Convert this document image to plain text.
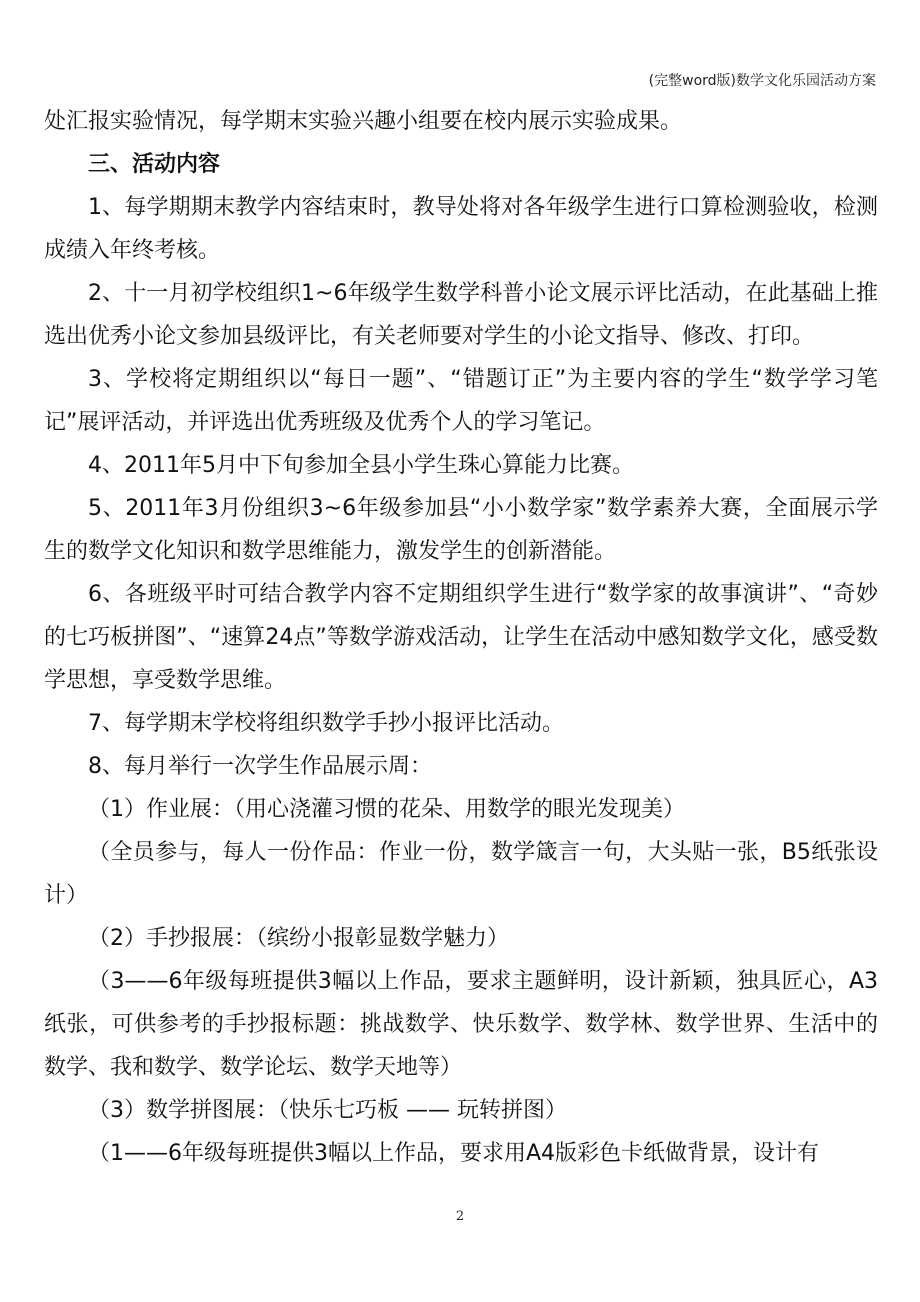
(完整word版)数学文化乐园活动方案

处汇报实验情况，每学期末实验兴趣小组要在校内展示实验成果。

三、活动内容

1、每学期期末教学内容结束时，教导处将对各年级学生进行口算检测验收，检测成绩入年终考核。

2、十一月初学校组织1~6年级学生数学科普小论文展示评比活动，在此基础上推选出优秀小论文参加县级评比，有关老师要对学生的小论文指导、修改、打印。

3、学校将定期组织以“每日一题”、“错题订正”为主要内容的学生“数学学习笔记”展评活动，并评选出优秀班级及优秀个人的学习笔记。

4、2011年5月中下旬参加全县小学生珠心算能力比赛。

5、2011年3月份组织3~6年级参加县“小小数学家”数学素养大赛，全面展示学生的数学文化知识和数学思维能力，激发学生的创新潜能。

6、各班级平时可结合教学内容不定期组织学生进行“数学家的故事演讲”、“奇妙的七巧板拼图”、“速算24点”等数学游戏活动，让学生在活动中感知数学文化，感受数学思想，享受数学思维。

7、每学期末学校将组织数学手抄小报评比活动。

8、每月举行一次学生作品展示周：

（1）作业展：（用心浇灌习惯的花朵、用数学的眼光发现美）

（全员参与，每人一份作品：作业一份，数学箴言一句，大头贴一张，B5纸张设计）

（2）手抄报展：（缤纷小报彰显数学魅力）

（3——6年级每班提供3幅以上作品，要求主题鲜明，设计新颖，独具匠心，A3纸张，可供参考的手抄报标题：挑战数学、快乐数学、数学林、数学世界、生活中的数学、我和数学、数学论坛、数学天地等）

（3）数学拼图展：（快乐七巧板 —— 玩转拼图）

（1——6年级每班提供3幅以上作品，要求用A4版彩色卡纸做背景，设计有

2
